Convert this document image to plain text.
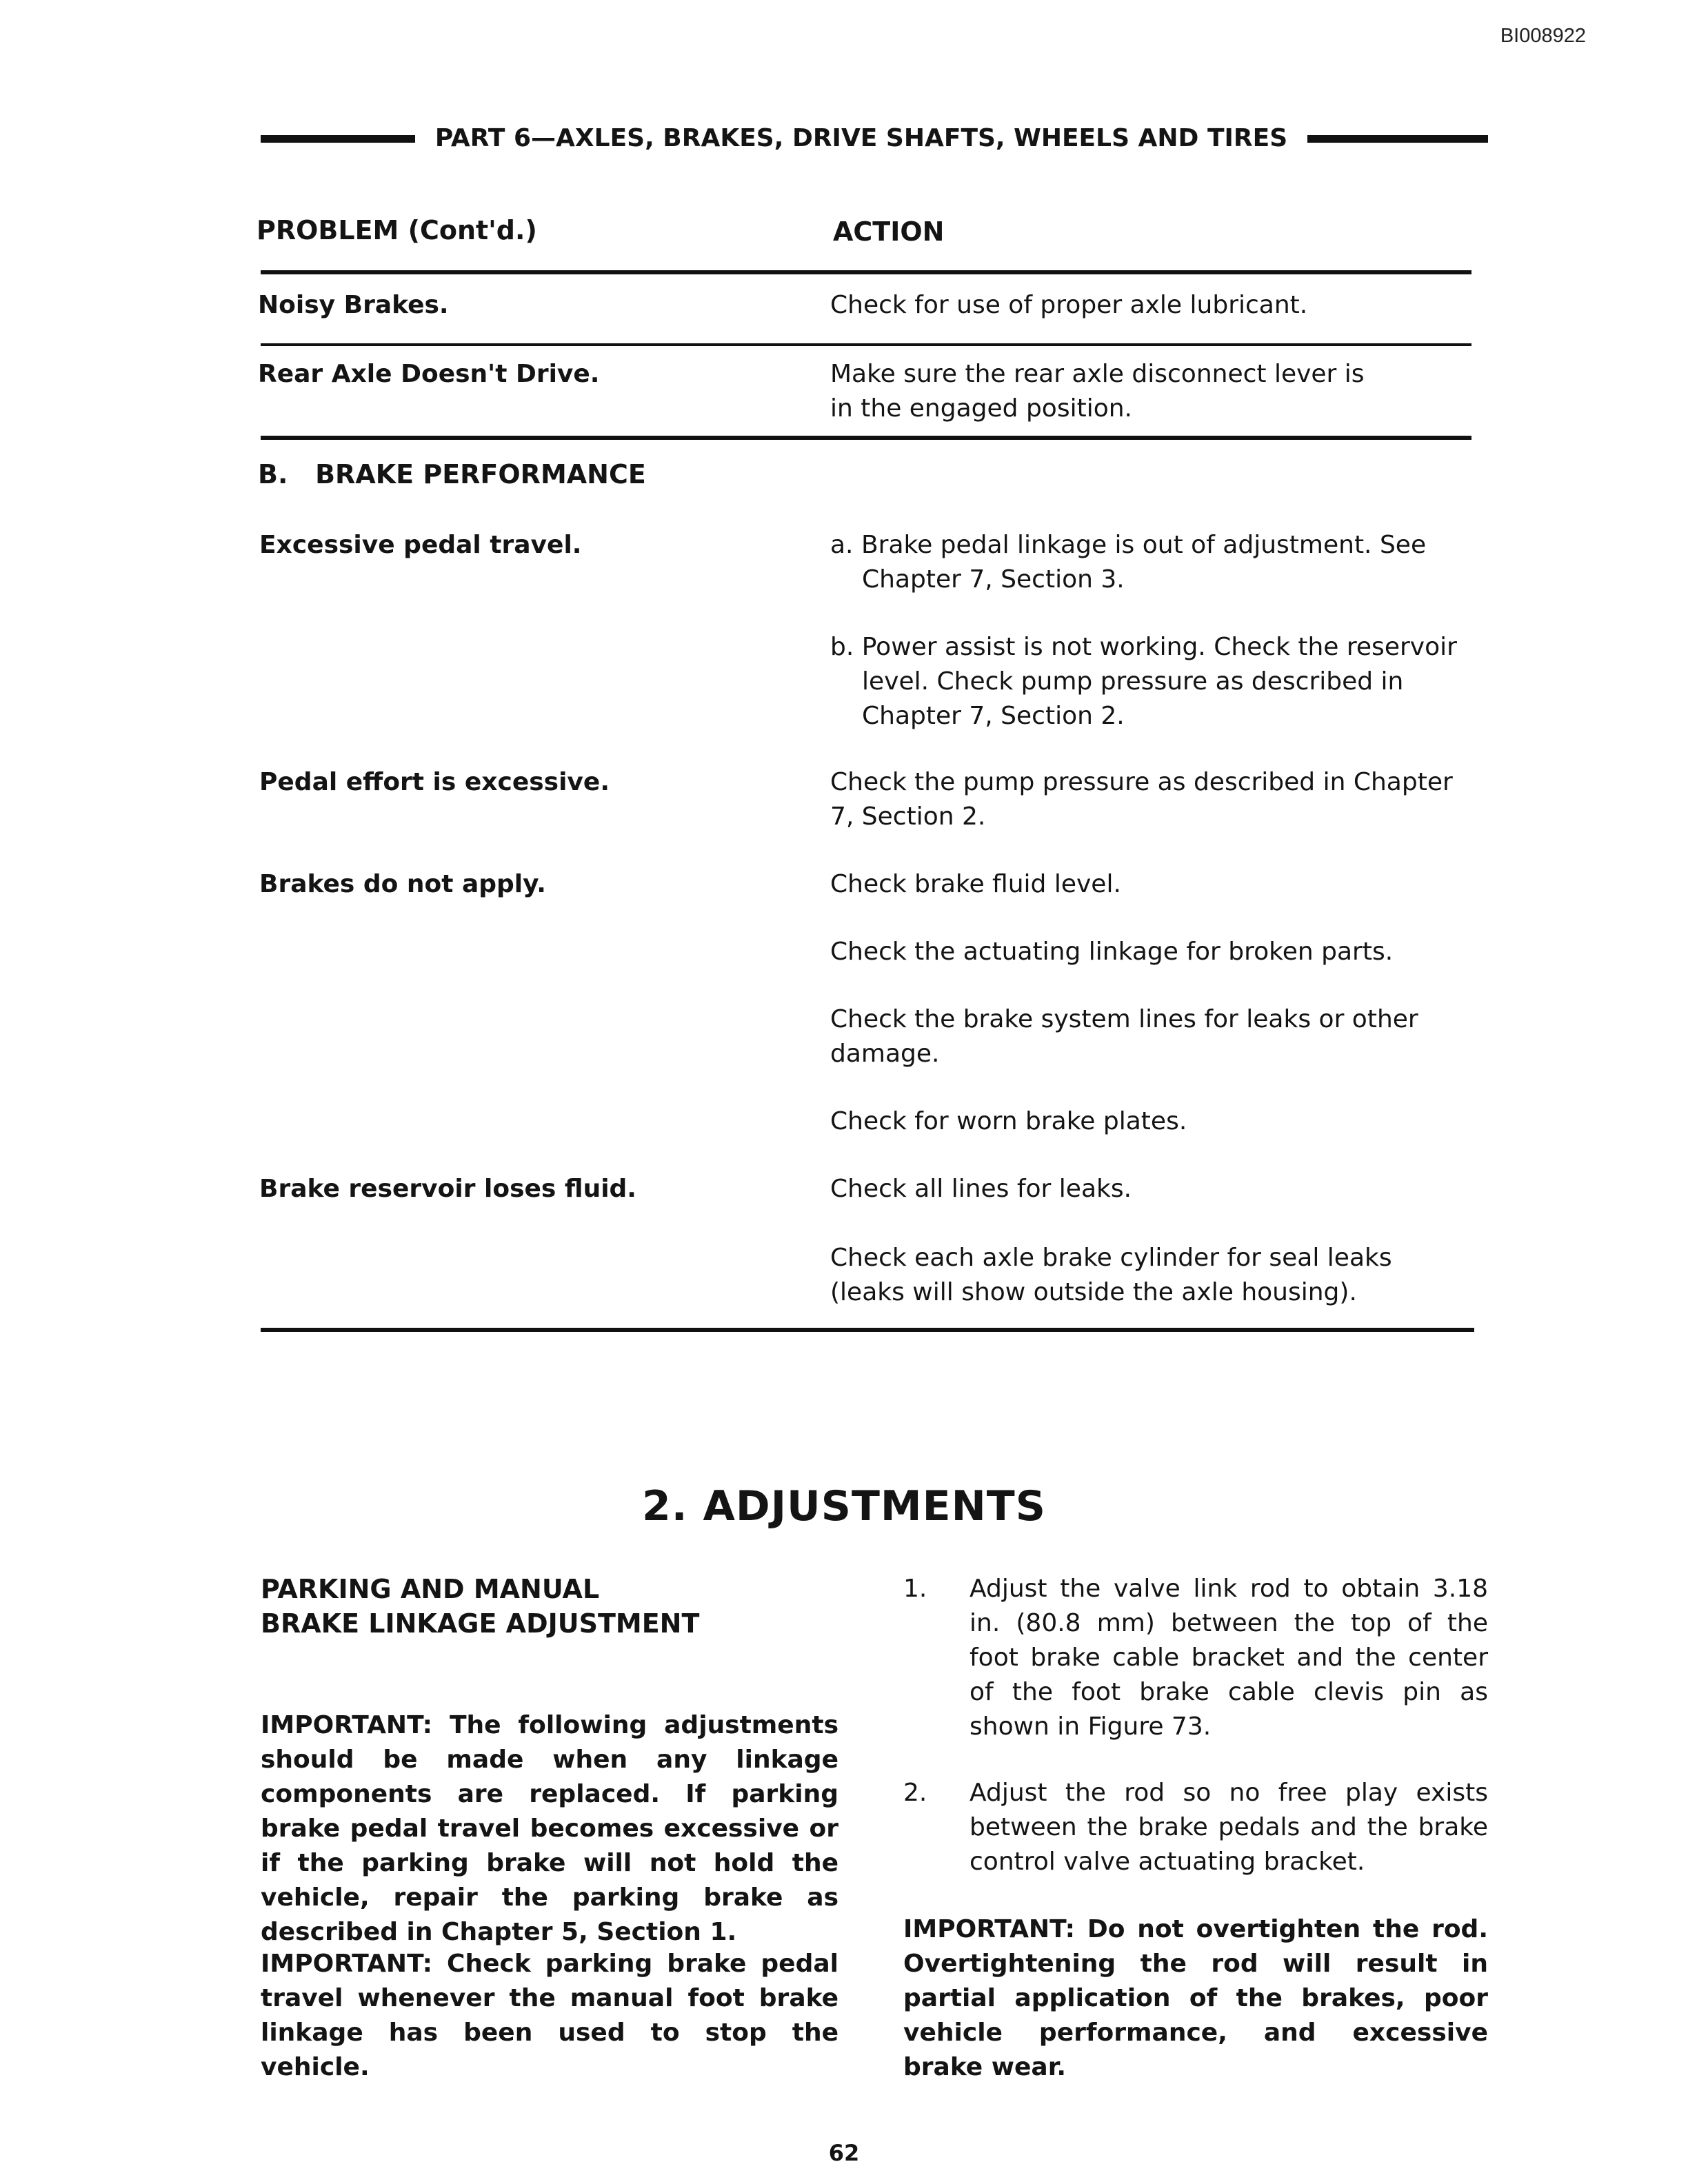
BI008922
PART 6—AXLES, BRAKES, DRIVE SHAFTS, WHEELS AND TIRES
PROBLEM (Cont'd.)	ACTION
Noisy Brakes.	Check for use of proper axle lubricant.
Rear Axle Doesn't Drive.	Make sure the rear axle disconnect lever is in the engaged position.
B.   BRAKE PERFORMANCE
Excessive pedal travel.	a. Brake pedal linkage is out of adjustment. See Chapter 7, Section 3.
b. Power assist is not working. Check the reservoir level. Check pump pressure as described in Chapter 7, Section 2.
Pedal effort is excessive.	Check the pump pressure as described in Chapter 7, Section 2.
Brakes do not apply.	Check brake fluid level.
Check the actuating linkage for broken parts.
Check the brake system lines for leaks or other damage.
Check for worn brake plates.
Brake reservoir loses fluid.	Check all lines for leaks.
Check each axle brake cylinder for seal leaks (leaks will show outside the axle housing).
2. ADJUSTMENTS
PARKING AND MANUAL
BRAKE LINKAGE ADJUSTMENT
IMPORTANT: The following adjustments should be made when any linkage components are replaced. If parking brake pedal travel becomes excessive or if the parking brake will not hold the vehicle, repair the parking brake as described in Chapter 5, Section 1.
IMPORTANT: Check parking brake pedal travel whenever the manual foot brake linkage has been used to stop the vehicle.
1.	Adjust the valve link rod to obtain 3.18 in. (80.8 mm) between the top of the foot brake cable bracket and the center of the foot brake cable clevis pin as shown in Figure 73.
2.	Adjust the rod so no free play exists between the brake pedals and the brake control valve actuating bracket.
IMPORTANT: Do not overtighten the rod. Overtightening the rod will result in partial application of the brakes, poor vehicle performance, and excessive brake wear.
62
